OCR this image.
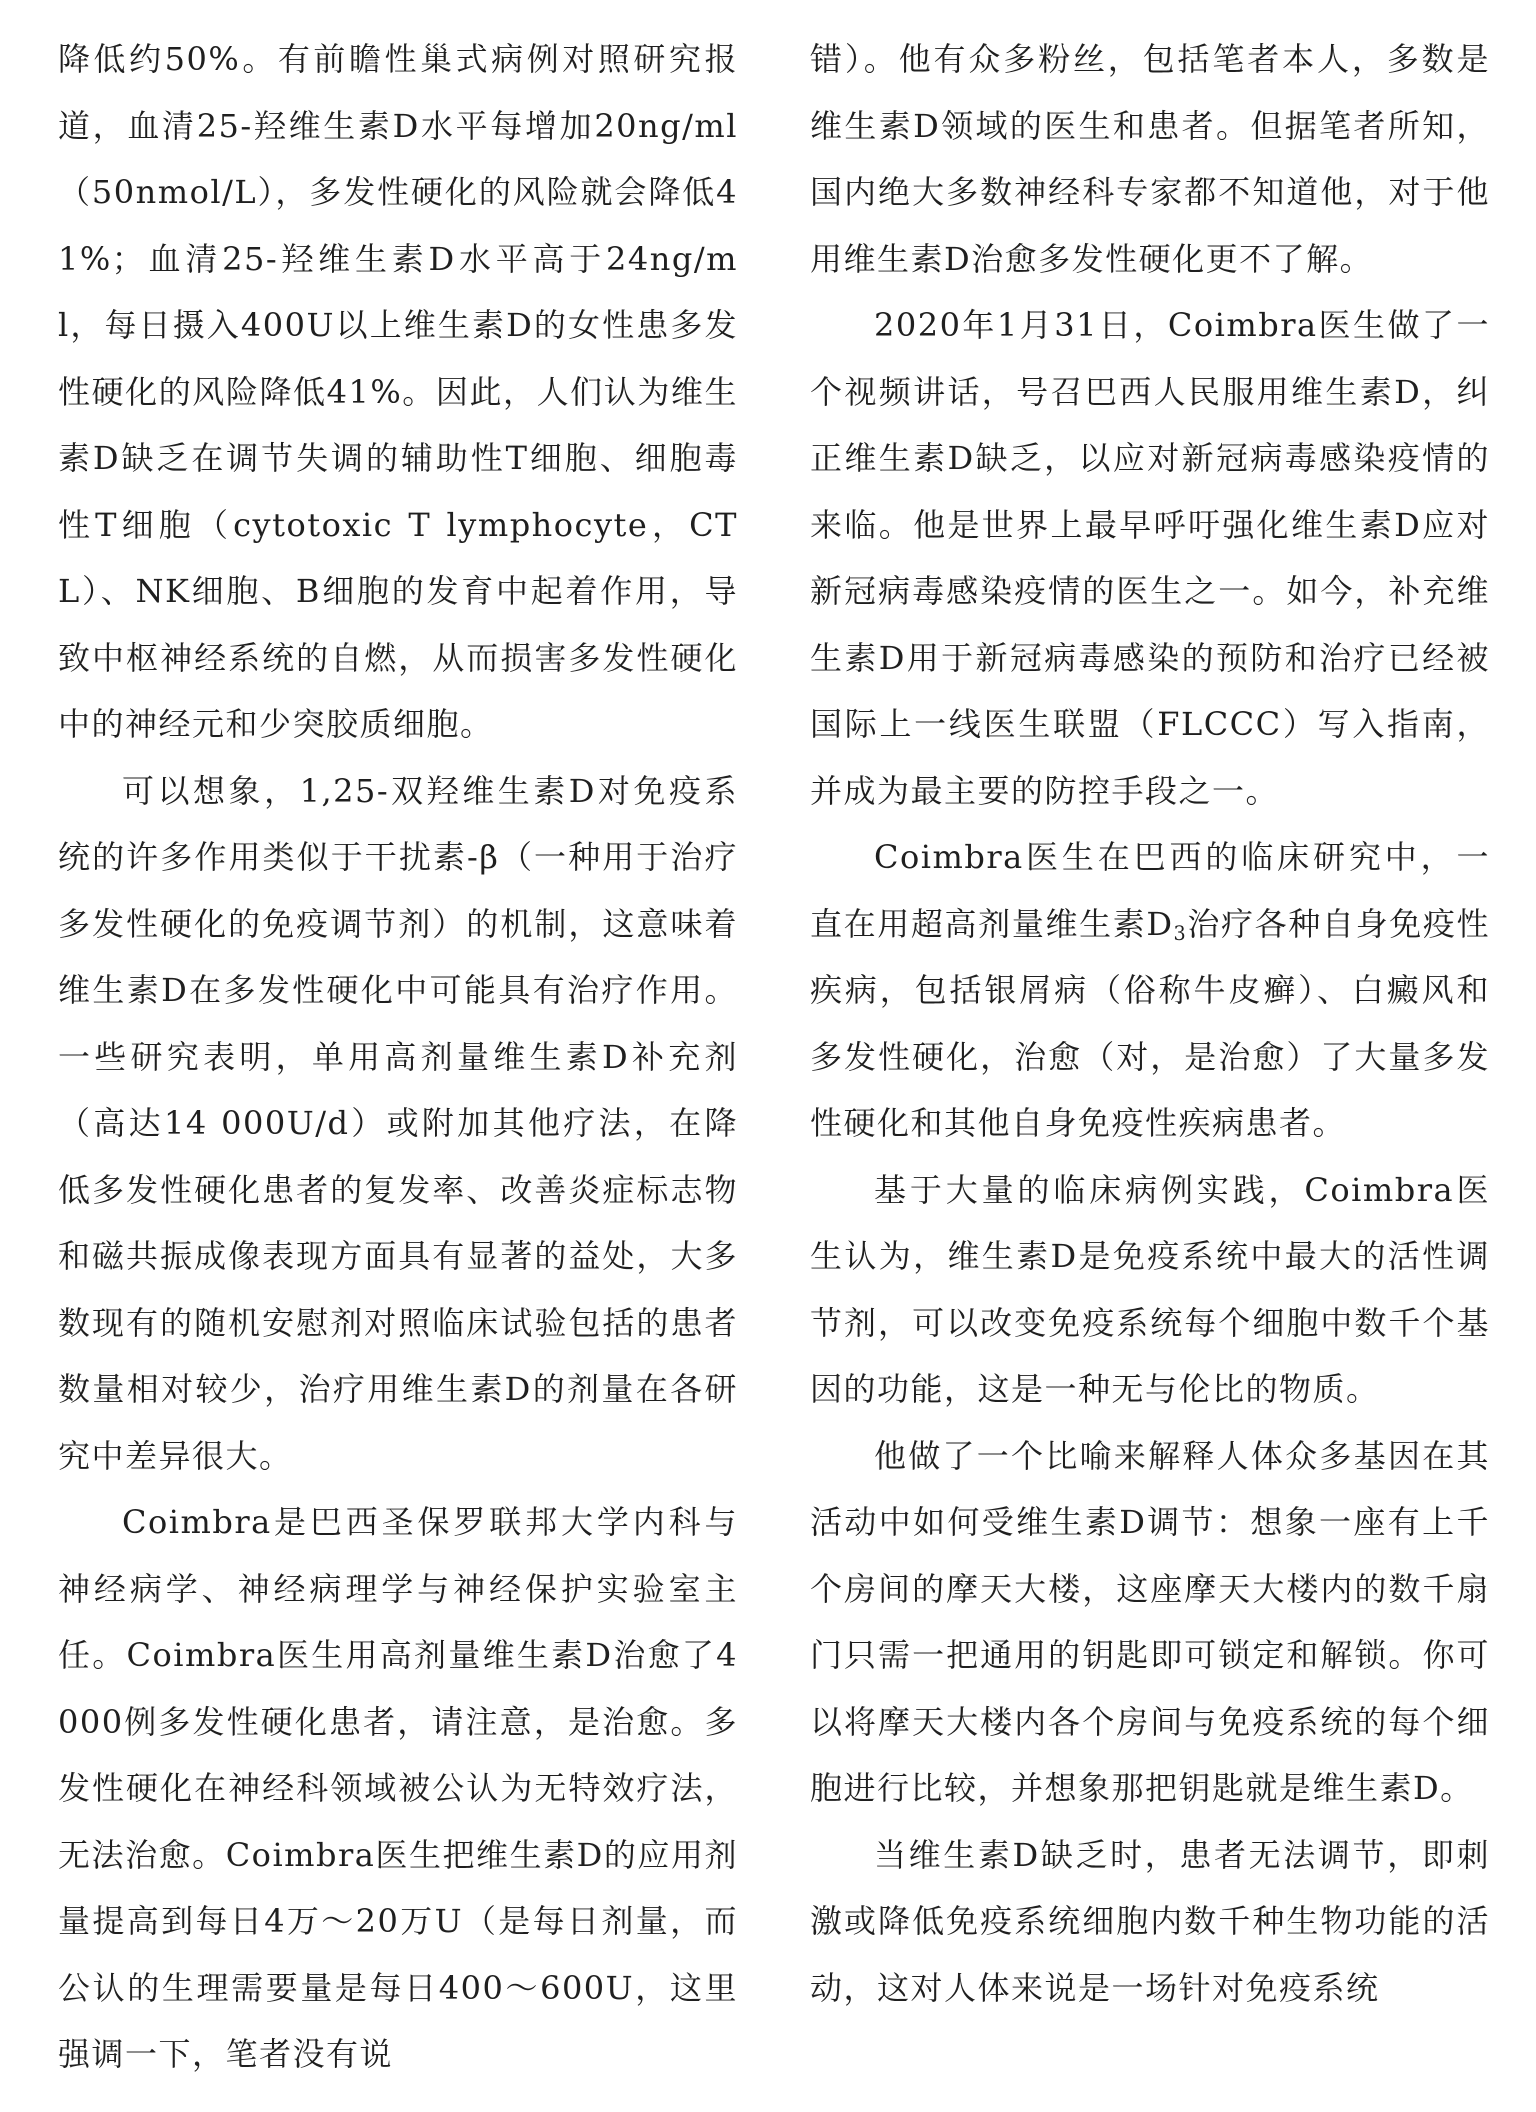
降低约50%。有前瞻性巢式病例对照研究报道，血清25-羟维生素D水平每增加20ng/ml（50nmol/L），多发性硬化的风险就会降低41%；血清25-羟维生素D水平高于24ng/ml，每日摄入400U以上维生素D的女性患多发性硬化的风险降低41%。因此，人们认为维生素D缺乏在调节失调的辅助性T细胞、细胞毒性T细胞（cytotoxic T lymphocyte，CTL）、NK细胞、B细胞的发育中起着作用，导致中枢神经系统的自燃，从而损害多发性硬化中的神经元和少突胶质细胞。

可以想象，1,25-双羟维生素D对免疫系统的许多作用类似于干扰素-β（一种用于治疗多发性硬化的免疫调节剂）的机制，这意味着维生素D在多发性硬化中可能具有治疗作用。一些研究表明，单用高剂量维生素D补充剂（高达14 000U/d）或附加其他疗法，在降低多发性硬化患者的复发率、改善炎症标志物和磁共振成像表现方面具有显著的益处，大多数现有的随机安慰剂对照临床试验包括的患者数量相对较少，治疗用维生素D的剂量在各研究中差异很大。

Coimbra是巴西圣保罗联邦大学内科与神经病学、神经病理学与神经保护实验室主任。Coimbra医生用高剂量维生素D治愈了4000例多发性硬化患者，请注意，是治愈。多发性硬化在神经科领域被公认为无特效疗法，无法治愈。Coimbra医生把维生素D的应用剂量提高到每日4万～20万U（是每日剂量，而公认的生理需要量是每日400～600U，这里强调一下，笔者没有说

错）。他有众多粉丝，包括笔者本人，多数是维生素D领域的医生和患者。但据笔者所知，国内绝大多数神经科专家都不知道他，对于他用维生素D治愈多发性硬化更不了解。

2020年1月31日，Coimbra医生做了一个视频讲话，号召巴西人民服用维生素D，纠正维生素D缺乏，以应对新冠病毒感染疫情的来临。他是世界上最早呼吁强化维生素D应对新冠病毒感染疫情的医生之一。如今，补充维生素D用于新冠病毒感染的预防和治疗已经被国际上一线医生联盟（FLCCC）写入指南，并成为最主要的防控手段之一。

Coimbra医生在巴西的临床研究中，一直在用超高剂量维生素$D_3$治疗各种自身免疫性疾病，包括银屑病（俗称牛皮癣）、白癜风和多发性硬化，治愈（对，是治愈）了大量多发性硬化和其他自身免疫性疾病患者。

基于大量的临床病例实践，Coimbra医生认为，维生素D是免疫系统中最大的活性调节剂，可以改变免疫系统每个细胞中数千个基因的功能，这是一种无与伦比的物质。

他做了一个比喻来解释人体众多基因在其活动中如何受维生素D调节：想象一座有上千个房间的摩天大楼，这座摩天大楼内的数千扇门只需一把通用的钥匙即可锁定和解锁。你可以将摩天大楼内各个房间与免疫系统的每个细胞进行比较，并想象那把钥匙就是维生素D。

当维生素D缺乏时，患者无法调节，即刺激或降低免疫系统细胞内数千种生物功能的活动，这对人体来说是一场针对免疫系统
